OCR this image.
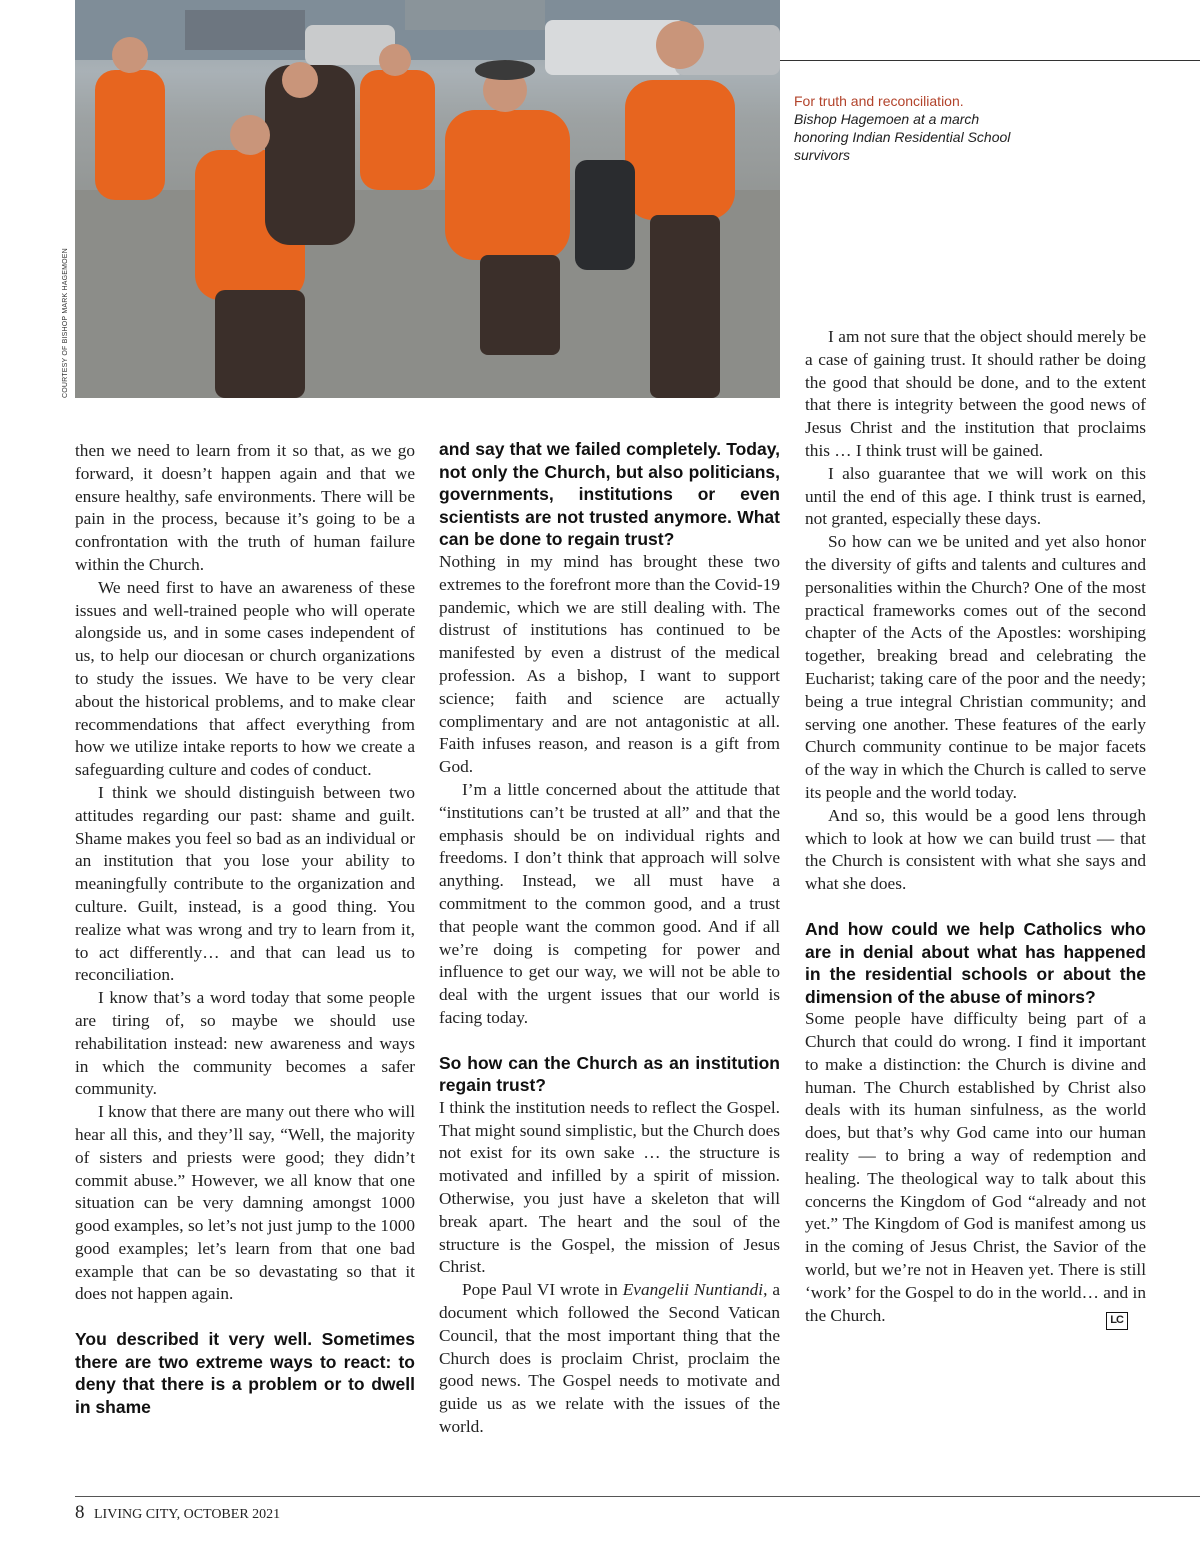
COURTESY OF BISHOP MARK HAGEMOEN
For truth and reconciliation.
Bishop Hagemoen at a march honoring Indian Residential School survivors

then we need to learn from it so that, as we go forward, it doesn’t happen again and that we ensure healthy, safe environments. There will be pain in the process, because it’s going to be a confrontation with the truth of human failure within the Church.

We need first to have an awareness of these issues and well-trained people who will operate alongside us, and in some cases independent of us, to help our diocesan or church organizations to study the issues. We have to be very clear about the historical problems, and to make clear recommendations that affect everything from how we utilize intake reports to how we create a safeguarding culture and codes of conduct.

I think we should distinguish between two attitudes regarding our past: shame and guilt. Shame makes you feel so bad as an individual or an institution that you lose your ability to meaningfully contribute to the organization and culture. Guilt, instead, is a good thing. You realize what was wrong and try to learn from it, to act differently… and that can lead us to reconciliation.

I know that’s a word today that some people are tiring of, so maybe we should use rehabilitation instead: new awareness and ways in which the community becomes a safer community.

I know that there are many out there who will hear all this, and they’ll say, “Well, the majority of sisters and priests were good; they didn’t commit abuse.” However, we all know that one situation can be very damning amongst 1000 good examples, so let’s not just jump to the 1000 good examples; let’s learn from that one bad example that can be so devastating so that it does not happen again.

You described it very well. Sometimes there are two extreme ways to react: to deny that there is a problem or to dwell in shame
and say that we failed completely. Today, not only the Church, but also politicians, governments, institutions or even scientists are not trusted anymore. What can be done to regain trust?

Nothing in my mind has brought these two extremes to the forefront more than the Covid-19 pandemic, which we are still dealing with. The distrust of institutions has continued to be manifested by even a distrust of the medical profession. As a bishop, I want to support science; faith and science are actually complimentary and are not antagonistic at all. Faith infuses reason, and reason is a gift from God.

I’m a little concerned about the attitude that “institutions can’t be trusted at all” and that the emphasis should be on individual rights and freedoms. I don’t think that approach will solve anything. Instead, we all must have a commitment to the common good, and a trust that people want the common good. And if all we’re doing is competing for power and influence to get our way, we will not be able to deal with the urgent issues that our world is facing today.

So how can the Church as an institution regain trust?

I think the institution needs to reflect the Gospel. That might sound simplistic, but the Church does not exist for its own sake … the structure is motivated and infilled by a spirit of mission. Otherwise, you just have a skeleton that will break apart. The heart and the soul of the structure is the Gospel, the mission of Jesus Christ.

Pope Paul VI wrote in Evangelii Nuntiandi, a document which followed the Second Vatican Council, that the most important thing that the Church does is proclaim Christ, proclaim the good news. The Gospel needs to motivate and guide us as we relate with the issues of the world.

I am not sure that the object should merely be a case of gaining trust. It should rather be doing the good that should be done, and to the extent that there is integrity between the good news of Jesus Christ and the institution that proclaims this … I think trust will be gained.

I also guarantee that we will work on this until the end of this age. I think trust is earned, not granted, especially these days.

So how can we be united and yet also honor the diversity of gifts and talents and cultures and personalities within the Church? One of the most practical frameworks comes out of the second chapter of the Acts of the Apostles: worshiping together, breaking bread and celebrating the Eucharist; taking care of the poor and the needy; being a true integral Christian community; and serving one another. These features of the early Church community continue to be major facets of the way in which the Church is called to serve its people and the world today.

And so, this would be a good lens through which to look at how we can build trust — that the Church is consistent with what she says and what she does.

And how could we help Catholics who are in denial about what has happened in the residential schools or about the dimension of the abuse of minors?

Some people have difficulty being part of a Church that could do wrong. I find it important to make a distinction: the Church is divine and human. The Church established by Christ also deals with its human sinfulness, as the world does, but that’s why God came into our human reality — to bring a way of redemption and healing. The theological way to talk about this concerns the Kingdom of God “already and not yet.” The Kingdom of God is manifest among us in the coming of Jesus Christ, the Savior of the world, but we’re not in Heaven yet. There is still ‘work’ for the Gospel to do in the world… and in the Church.	LC

8 LIVING CITY, OCTOBER 2021
